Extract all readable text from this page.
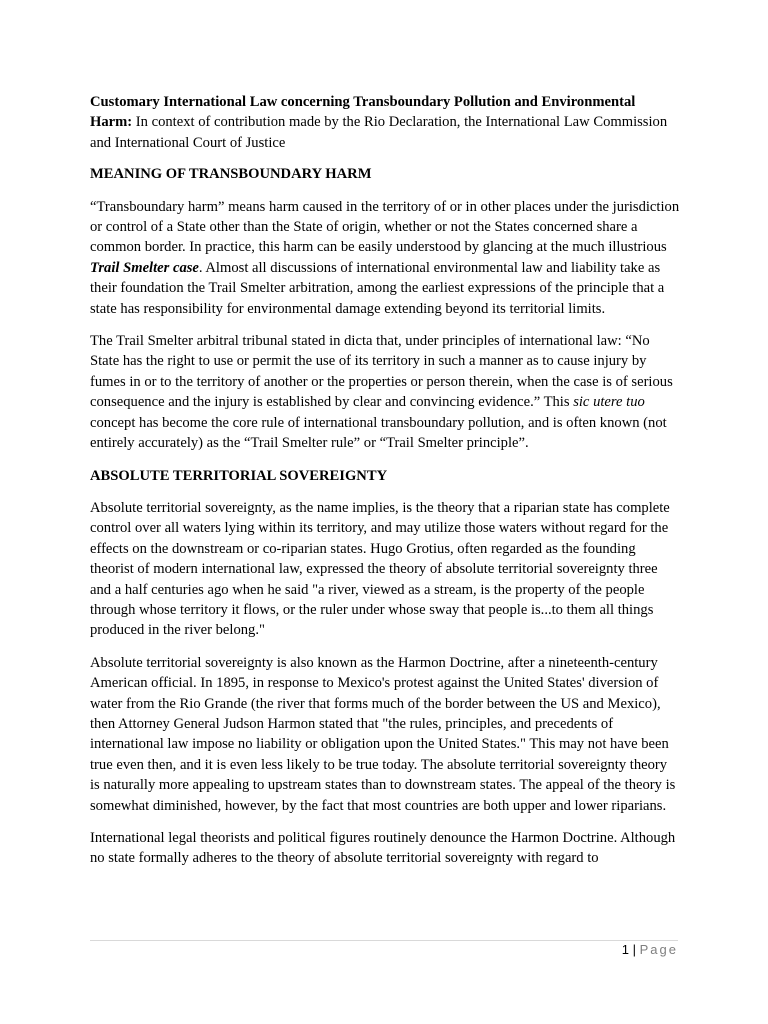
Customary International Law concerning Transboundary Pollution and Environmental Harm: In context of contribution made by the Rio Declaration, the International Law Commission and International Court of Justice
MEANING OF TRANSBOUNDARY HARM

“Transboundary harm” means harm caused in the territory of or in other places under the jurisdiction or control of a State other than the State of origin, whether or not the States concerned share a common border. In practice, this harm can be easily understood by glancing at the much illustrious Trail Smelter case. Almost all discussions of international environmental law and liability take as their foundation the Trail Smelter arbitration, among the earliest expressions of the principle that a state has responsibility for environmental damage extending beyond its territorial limits.

The Trail Smelter arbitral tribunal stated in dicta that, under principles of international law: “No State has the right to use or permit the use of its territory in such a manner as to cause injury by fumes in or to the territory of another or the properties or person therein, when the case is of serious consequence and the injury is established by clear and convincing evidence.” This sic utere tuo concept has become the core rule of international transboundary pollution, and is often known (not entirely accurately) as the “Trail Smelter rule” or “Trail Smelter principle”.

ABSOLUTE TERRITORIAL SOVEREIGNTY

Absolute territorial sovereignty, as the name implies, is the theory that a riparian state has complete control over all waters lying within its territory, and may utilize those waters without regard for the effects on the downstream or co-riparian states. Hugo Grotius, often regarded as the founding theorist of modern international law, expressed the theory of absolute territorial sovereignty three and a half centuries ago when he said "a river, viewed as a stream, is the property of the people through whose territory it flows, or the ruler under whose sway that people is...to them all things produced in the river belong."

Absolute territorial sovereignty is also known as the Harmon Doctrine, after a nineteenth-century American official. In 1895, in response to Mexico's protest against the United States' diversion of water from the Rio Grande (the river that forms much of the border between the US and Mexico), then Attorney General Judson Harmon stated that "the rules, principles, and precedents of international law impose no liability or obligation upon the United States." This may not have been true even then, and it is even less likely to be true today. The absolute territorial sovereignty theory is naturally more appealing to upstream states than to downstream states. The appeal of the theory is somewhat diminished, however, by the fact that most countries are both upper and lower riparians.

International legal theorists and political figures routinely denounce the Harmon Doctrine. Although no state formally adheres to the theory of absolute territorial sovereignty with regard to

1 | Page
